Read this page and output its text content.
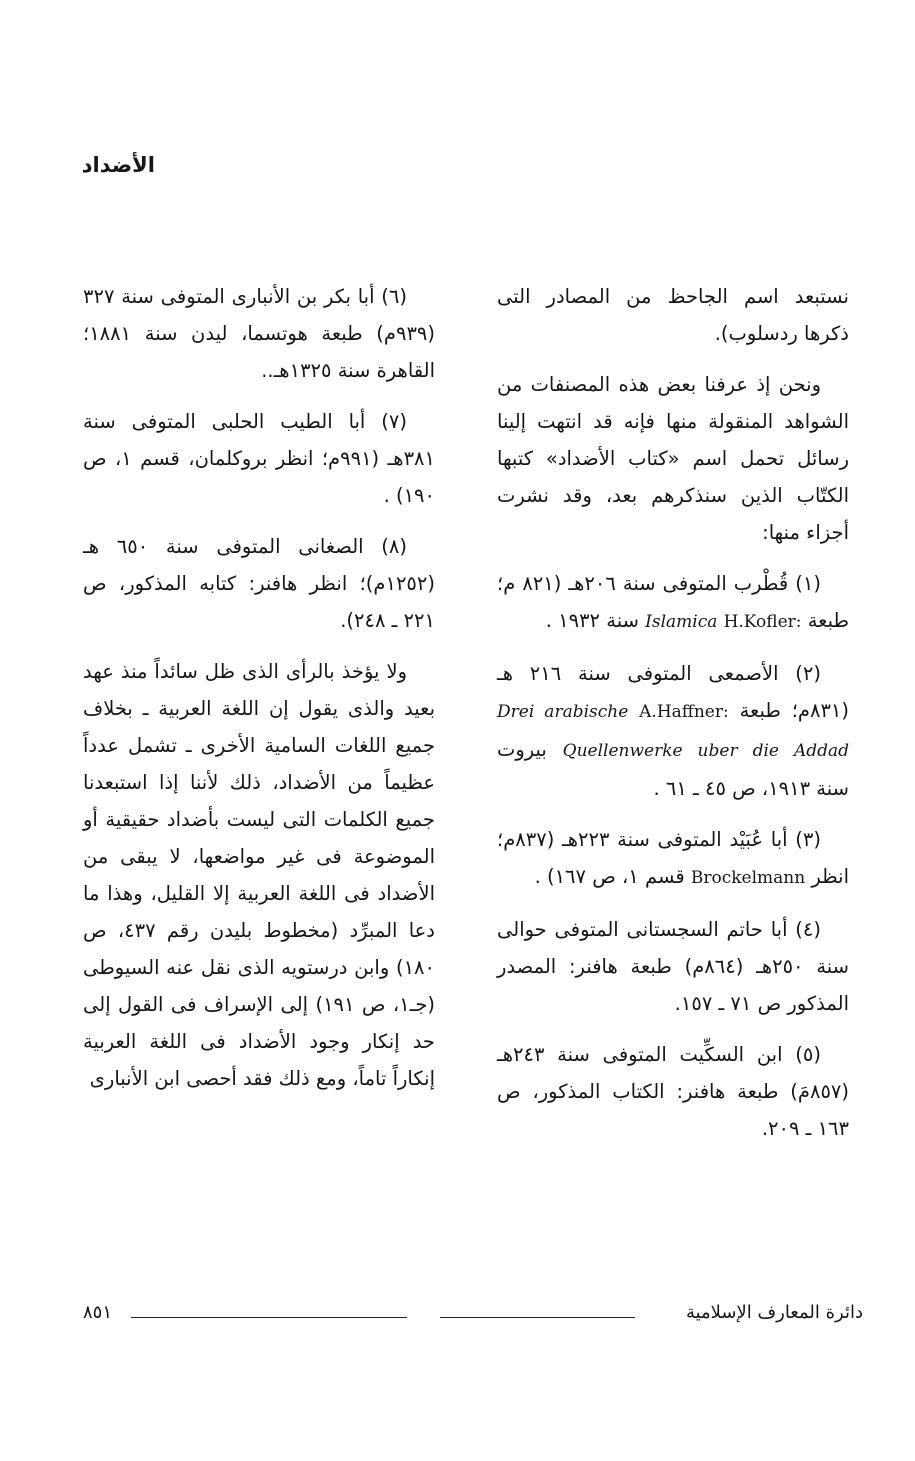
الأضداد

نستبعد اسم الجاحظ من المصادر التى ذكرها ردسلوب).

ونحن إذ عرفنا بعض هذه المصنفات من الشواهد المنقولة منها فإنه قد انتهت إلينا رسائل تحمل اسم «كتاب الأضداد» كتبها الكتّاب الذين سنذكرهم بعد، وقد نشرت أجزاء منها:

(١) قُطْرب المتوفى سنة ٢٠٦هـ (٨٢١ م؛ طبعة H.Kofler: Islamica سنة ١٩٣٢ .

(٢) الأصمعى المتوفى سنة ٢١٦ هـ (٨٣١م؛ طبعة A.Haffner: Drei arabische Quellenwerke uber die Addad بيروت سنة ١٩١٣، ص ٤٥ ـ ٦١ .

(٣) أبا عُبَيْد المتوفى سنة ٢٢٣هـ (٨٣٧م؛ انظر Brockelmann قسم ١، ص ١٦٧) .

(٤) أبا حاتم السجستانى المتوفى حوالى سنة ٢٥٠هـ (٨٦٤م) طبعة هافنر: المصدر المذكور ص ٧١ ـ ١٥٧.

(٥) ابن السكِّيت المتوفى سنة ٢٤٣هـ (٨٥٧مَ) طبعة هافنر: الكتاب المذكور، ص ١٦٣ ـ ٢٠٩.

(٦) أبا بكر بن الأنبارى المتوفى سنة ٣٢٧ (٩٣٩م) طبعة هوتسما، ليدن سنة ١٨٨١؛ القاهرة سنة ١٣٢٥هـ..

(٧) أبا الطيب الحلبى المتوفى سنة ٣٨١هـ (٩٩١م؛ انظر بروكلمان، قسم ١، ص ١٩٠) .

(٨) الصغانى المتوفى سنة ٦٥٠ هـ (١٢٥٢م)؛ انظر هافنر: كتابه المذكور، ص ٢٢١ ـ ٢٤٨).

ولا يؤخذ بالرأى الذى ظل سائداً منذ عهد بعيد والذى يقول إن اللغة العربية ـ بخلاف جميع اللغات السامية الأخرى ـ تشمل عدداً عظيماً من الأضداد، ذلك لأننا إذا استبعدنا جميع الكلمات التى ليست بأضداد حقيقية أو الموضوعة فى غير مواضعها، لا يبقى من الأضداد فى اللغة العربية إلا القليل، وهذا ما دعا المبرِّد (مخطوط بليدن رقم ٤٣٧، ص ١٨٠) وابن درستويه الذى نقل عنه السيوطى (جـ١، ص ١٩١) إلى الإسراف فى القول إلى حد إنكار وجود الأضداد فى اللغة العربية إنكاراً تاماً، ومع ذلك فقد أحصى ابن الأنبارى

دائرة المعارف الإسلامية
٨٥١
